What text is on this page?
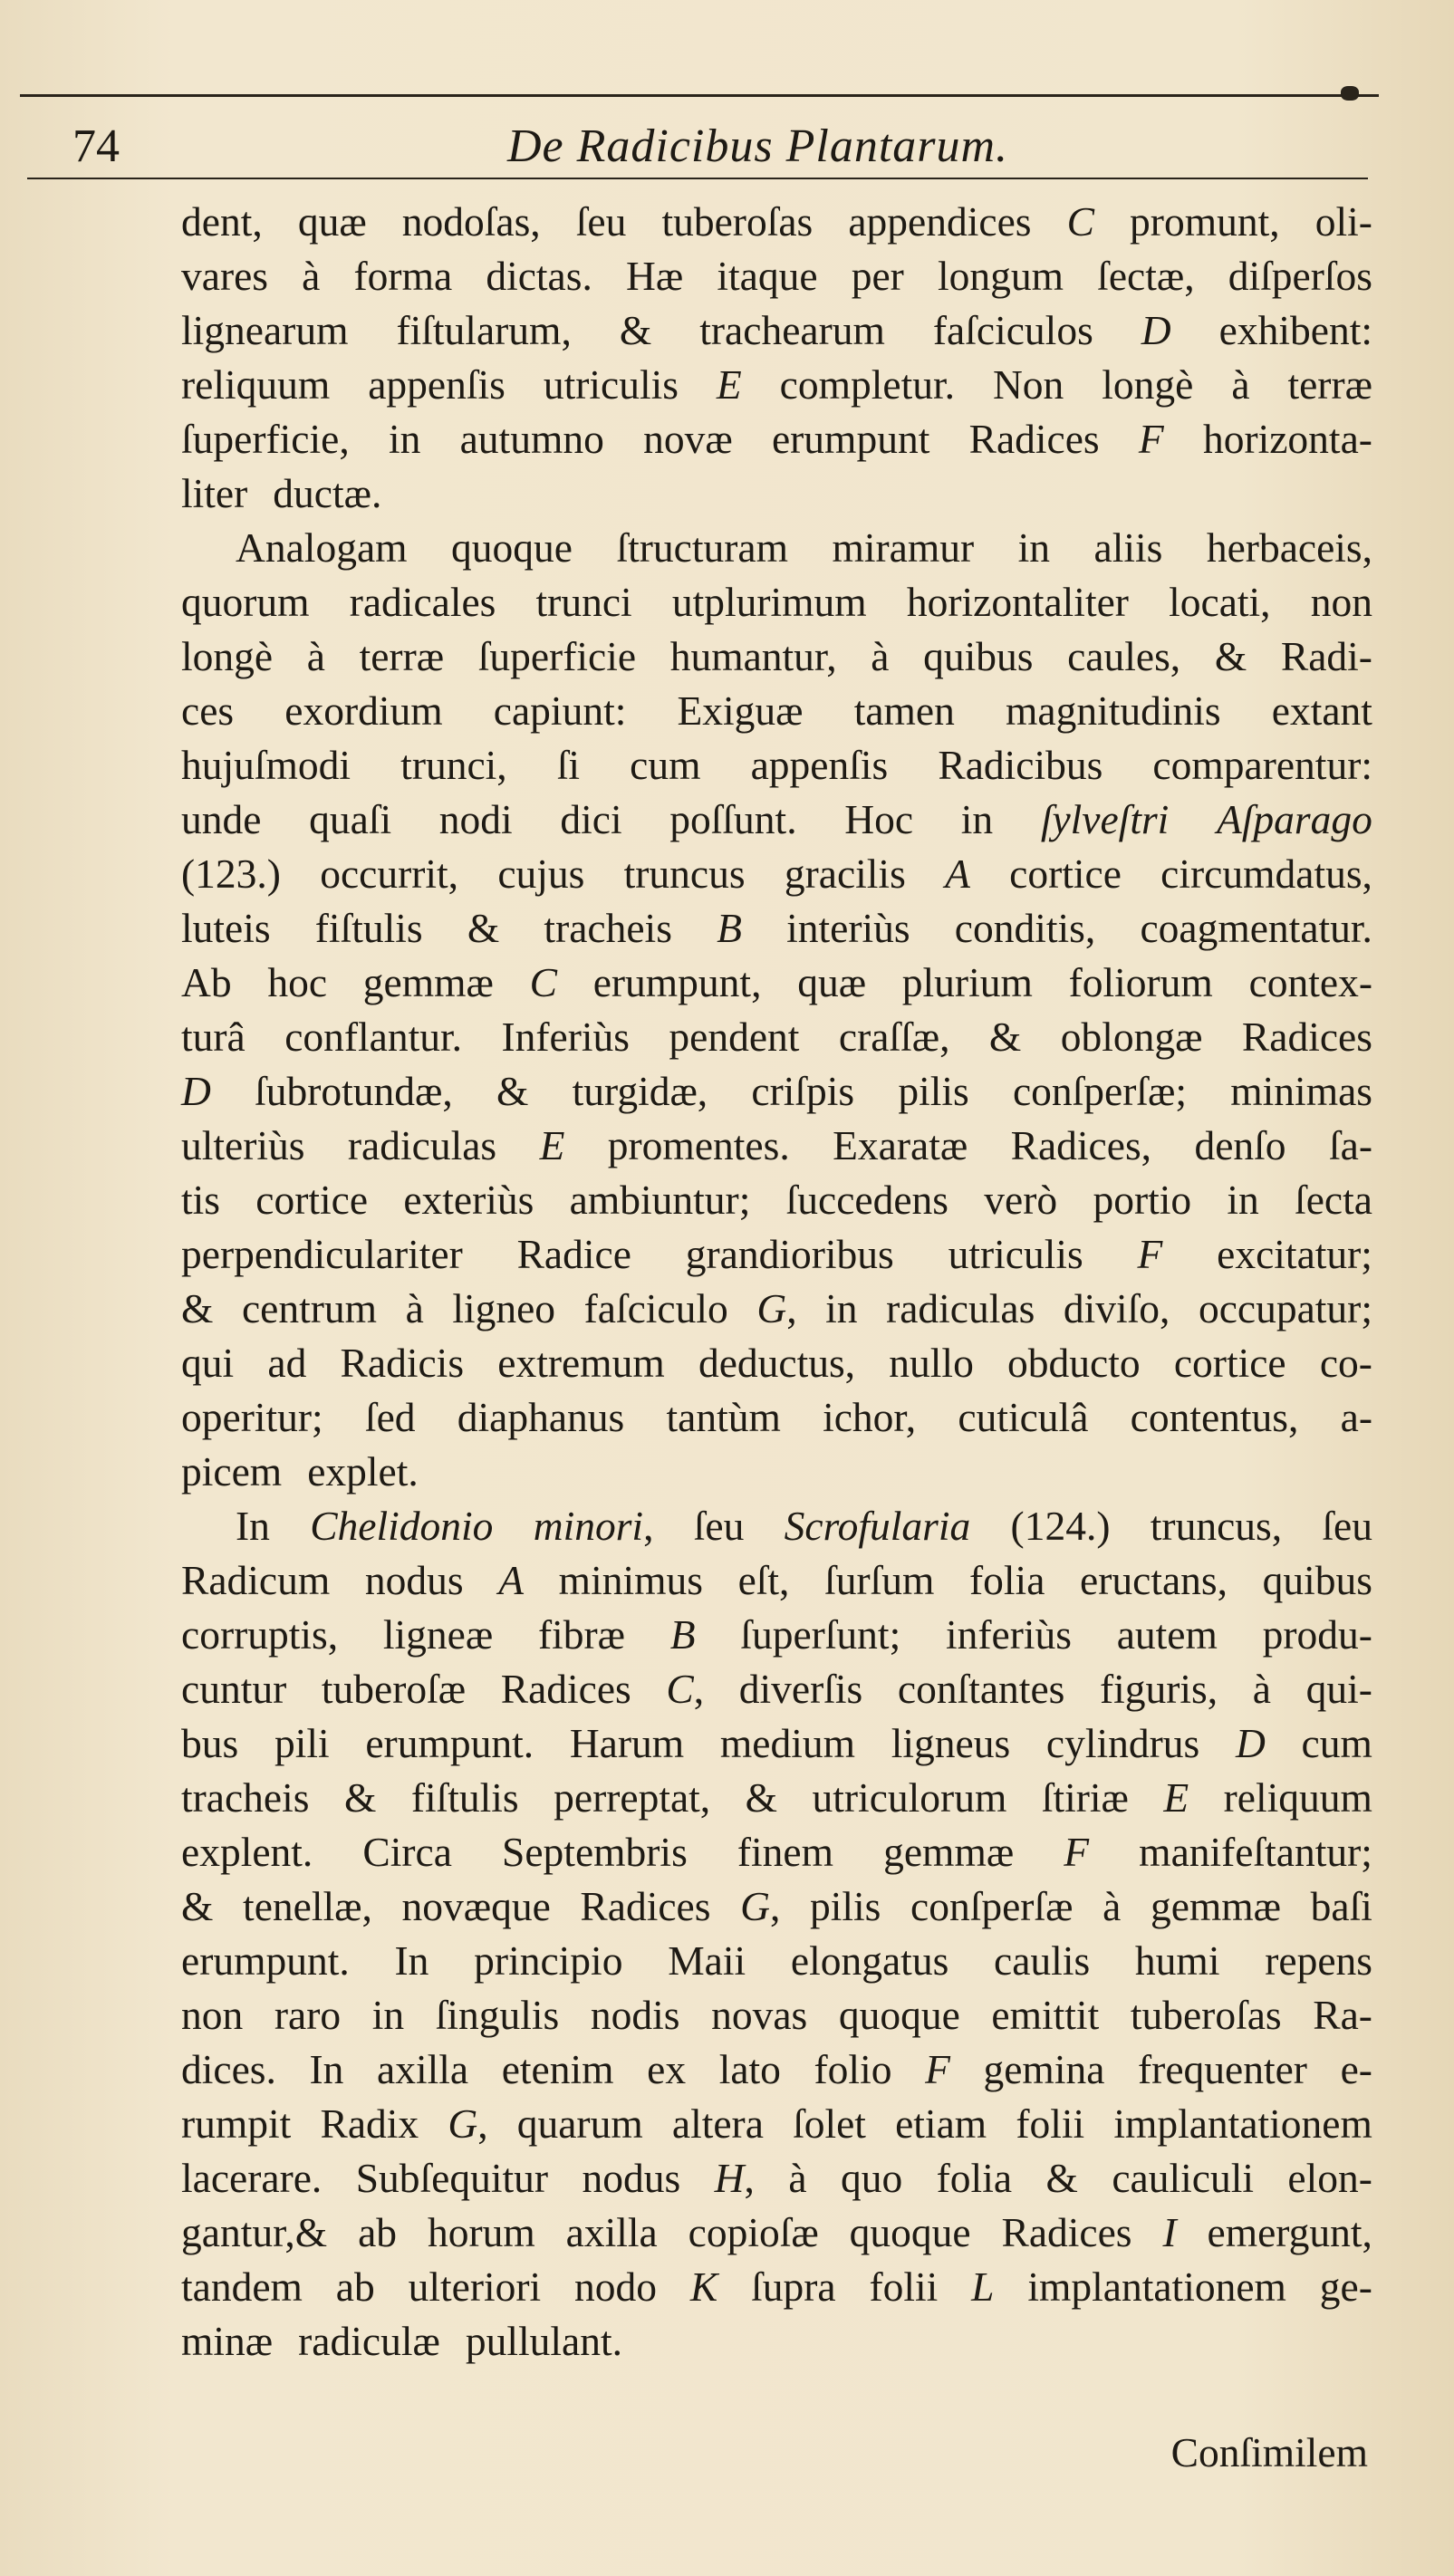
74	De Radicibus Plantarum.
dent, quæ nodoſas, ſeu tuberoſas appendices C promunt, oli-
vares à forma dictas. Hæ itaque per longum ſectæ, diſperſos
lignearum fiſtularum, & trachearum faſciculos D exhibent:
reliquum appenſis utriculis E completur. Non longè à terræ
ſuperficie, in autumno novæ erumpunt Radices F horizonta-
liter ductæ.
Analogam quoque ſtructuram miramur in aliis herbaceis,
quorum radicales trunci utplurimum horizontaliter locati, non
longè à terræ ſuperficie humantur, à quibus caules, & Radi-
ces exordium capiunt: Exiguæ tamen magnitudinis extant
hujuſmodi trunci, ſi cum appenſis Radicibus comparentur:
unde quaſi nodi dici poſſunt. Hoc in ſylveſtri Aſparago
(123.) occurrit, cujus truncus gracilis A cortice circumdatus,
luteis fiſtulis & tracheis B interiùs conditis, coagmentatur.
Ab hoc gemmæ C erumpunt, quæ plurium foliorum contex-
turâ conflantur. Inferiùs pendent craſſæ, & oblongæ Radices
D ſubrotundæ, & turgidæ, criſpis pilis conſperſæ; minimas
ulteriùs radiculas E promentes. Exaratæ Radices, denſo ſa-
tis cortice exteriùs ambiuntur; ſuccedens verò portio in ſecta
perpendiculariter Radice grandioribus utriculis F excitatur;
& centrum à ligneo faſciculo G, in radiculas diviſo, occupatur;
qui ad Radicis extremum deductus, nullo obducto cortice co-
operitur; ſed diaphanus tantùm ichor, cuticulâ contentus, a-
picem explet.
In Chelidonio minori, ſeu Scrofularia (124.) truncus, ſeu
Radicum nodus A minimus eſt, ſurſum folia eructans, quibus
corruptis, ligneæ fibræ B ſuperſunt; inferiùs autem produ-
cuntur tuberoſæ Radices C, diverſis conſtantes figuris, à qui-
bus pili erumpunt. Harum medium ligneus cylindrus D cum
tracheis & fiſtulis perreptat, & utriculorum ſtiriæ E reliquum
explent. Circa Septembris finem gemmæ F manifeſtantur;
& tenellæ, novæque Radices G, pilis conſperſæ à gemmæ baſi
erumpunt. In principio Maii elongatus caulis humi repens
non raro in ſingulis nodis novas quoque emittit tuberoſas Ra-
dices. In axilla etenim ex lato folio F gemina frequenter e-
rumpit Radix G, quarum altera ſolet etiam folii implantationem
lacerare. Subſequitur nodus H, à quo folia & cauliculi elon-
gantur,& ab horum axilla copioſæ quoque Radices I emergunt,
tandem ab ulteriori nodo K ſupra folii L implantationem ge-
minæ radiculæ pullulant.
Conſimilem
